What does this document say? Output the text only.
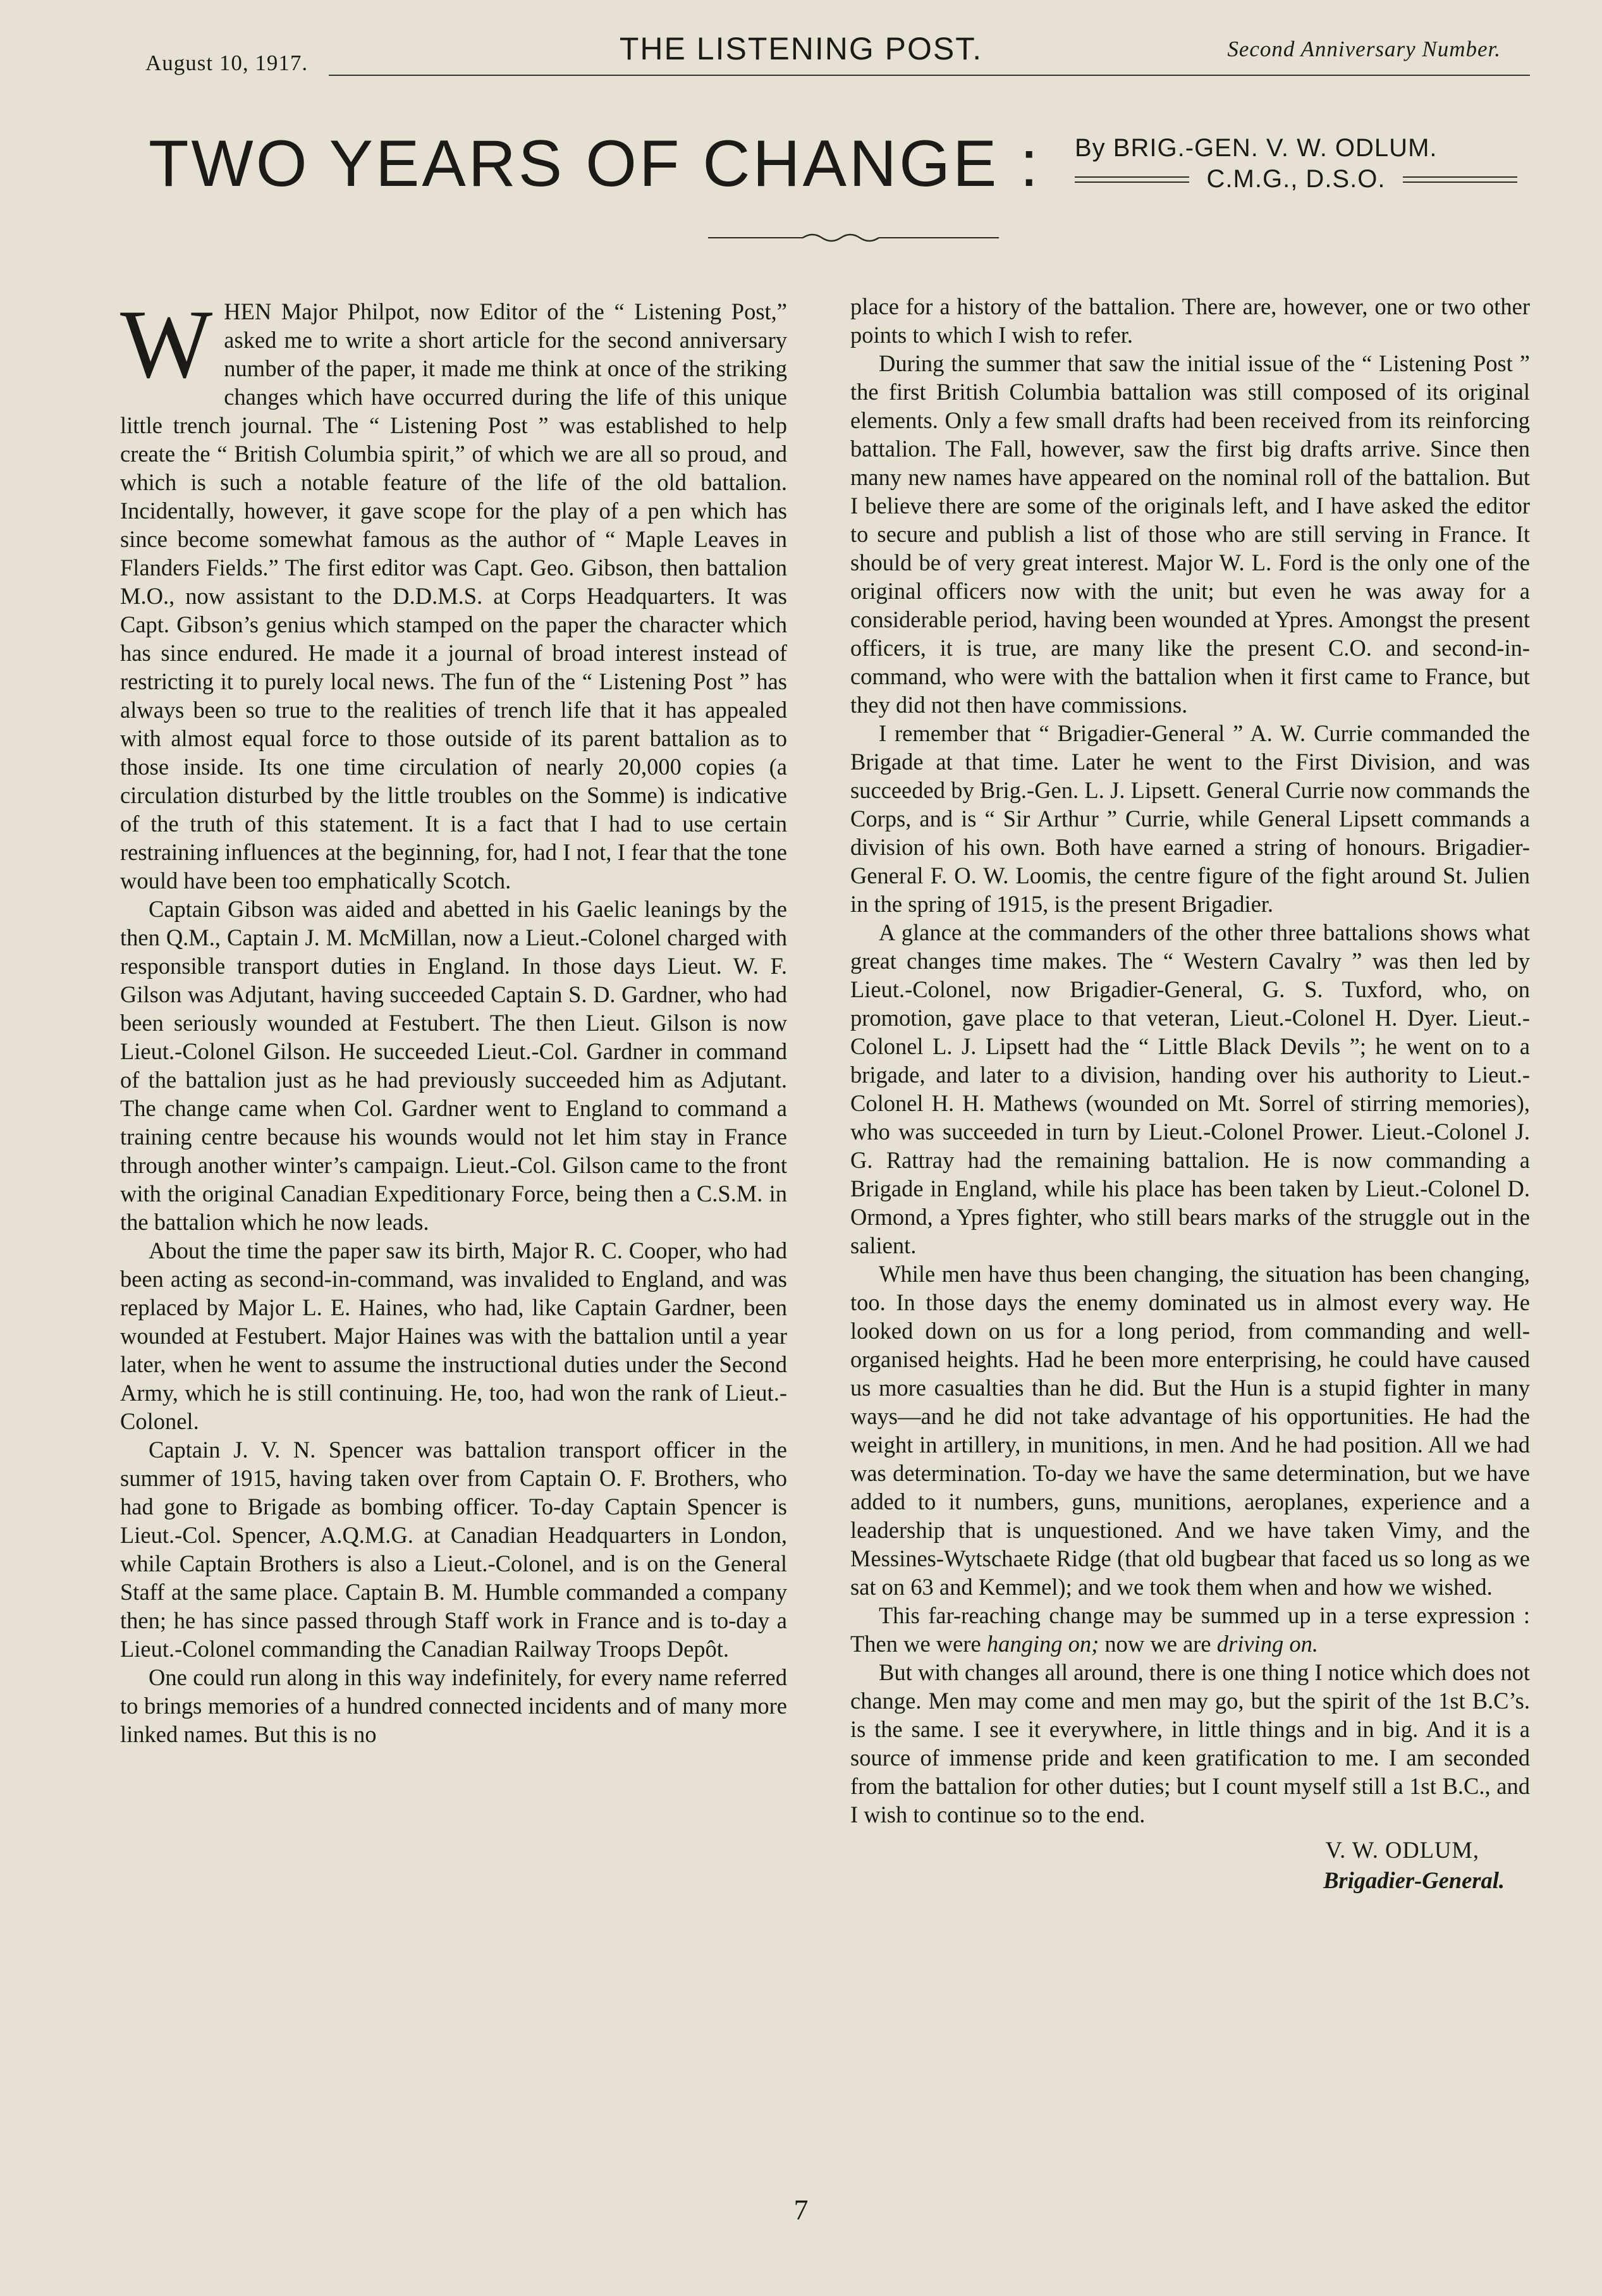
August 10, 1917.	THE LISTENING POST.	Second Anniversary Number.
TWO YEARS OF CHANGE : By BRIG.-GEN. V. W. ODLUM.
C.M.G., D.S.O.

WHEN Major Philpot, now Editor of the “ Listening Post,” asked me to write a short article for the second anniversary number of the paper, it made me think at once of the striking changes which have occurred during the life of this unique little trench journal. The “ Listening Post ” was established to help create the “ British Columbia spirit,” of which we are all so proud, and which is such a notable feature of the life of the old battalion. Incidentally, however, it gave scope for the play of a pen which has since become somewhat famous as the author of “ Maple Leaves in Flanders Fields.” The first editor was Capt. Geo. Gibson, then battalion M.O., now assistant to the D.D.M.S. at Corps Headquarters. It was Capt. Gibson’s genius which stamped on the paper the character which has since endured. He made it a journal of broad interest instead of restricting it to purely local news. The fun of the “ Listening Post ” has always been so true to the realities of trench life that it has appealed with almost equal force to those outside of its parent battalion as to those inside. Its one time circulation of nearly 20,000 copies (a circulation disturbed by the little troubles on the Somme) is indicative of the truth of this statement. It is a fact that I had to use certain restraining influences at the beginning, for, had I not, I fear that the tone would have been too emphatically Scotch.

Captain Gibson was aided and abetted in his Gaelic leanings by the then Q.M., Captain J. M. McMillan, now a Lieut.-Colonel charged with responsible transport duties in England. In those days Lieut. W. F. Gilson was Adjutant, having succeeded Captain S. D. Gardner, who had been seriously wounded at Festubert. The then Lieut. Gilson is now Lieut.-Colonel Gilson. He succeeded Lieut.-Col. Gardner in command of the battalion just as he had previously succeeded him as Adjutant. The change came when Col. Gardner went to England to command a training centre because his wounds would not let him stay in France through another winter’s campaign. Lieut.-Col. Gilson came to the front with the original Canadian Expeditionary Force, being then a C.S.M. in the battalion which he now leads.

About the time the paper saw its birth, Major R. C. Cooper, who had been acting as second-in-command, was invalided to England, and was replaced by Major L. E. Haines, who had, like Captain Gardner, been wounded at Festubert. Major Haines was with the battalion until a year later, when he went to assume the instructional duties under the Second Army, which he is still continuing. He, too, had won the rank of Lieut.-Colonel.

Captain J. V. N. Spencer was battalion transport officer in the summer of 1915, having taken over from Captain O. F. Brothers, who had gone to Brigade as bombing officer. To-day Captain Spencer is Lieut.-Col. Spencer, A.Q.M.G. at Canadian Headquarters in London, while Captain Brothers is also a Lieut.-Colonel, and is on the General Staff at the same place. Captain B. M. Humble commanded a company then; he has since passed through Staff work in France and is to-day a Lieut.-Colonel commanding the Canadian Railway Troops Depôt.

One could run along in this way indefinitely, for every name referred to brings memories of a hundred connected incidents and of many more linked names. But this is no

place for a history of the battalion. There are, however, one or two other points to which I wish to refer.

During the summer that saw the initial issue of the “ Listening Post ” the first British Columbia battalion was still composed of its original elements. Only a few small drafts had been received from its reinforcing battalion. The Fall, however, saw the first big drafts arrive. Since then many new names have appeared on the nominal roll of the battalion. But I believe there are some of the originals left, and I have asked the editor to secure and publish a list of those who are still serving in France. It should be of very great interest. Major W. L. Ford is the only one of the original officers now with the unit; but even he was away for a considerable period, having been wounded at Ypres. Amongst the present officers, it is true, are many like the present C.O. and second-in-command, who were with the battalion when it first came to France, but they did not then have commissions.

I remember that “ Brigadier-General ” A. W. Currie commanded the Brigade at that time. Later he went to the First Division, and was succeeded by Brig.-Gen. L. J. Lipsett. General Currie now commands the Corps, and is “ Sir Arthur ” Currie, while General Lipsett commands a division of his own. Both have earned a string of honours. Brigadier-General F. O. W. Loomis, the centre figure of the fight around St. Julien in the spring of 1915, is the present Brigadier.

A glance at the commanders of the other three battalions shows what great changes time makes. The “ Western Cavalry ” was then led by Lieut.-Colonel, now Brigadier-General, G. S. Tuxford, who, on promotion, gave place to that veteran, Lieut.-Colonel H. Dyer. Lieut.-Colonel L. J. Lipsett had the “ Little Black Devils ”; he went on to a brigade, and later to a division, handing over his authority to Lieut.-Colonel H. H. Mathews (wounded on Mt. Sorrel of stirring memories), who was succeeded in turn by Lieut.-Colonel Prower. Lieut.-Colonel J. G. Rattray had the remaining battalion. He is now commanding a Brigade in England, while his place has been taken by Lieut.-Colonel D. Ormond, a Ypres fighter, who still bears marks of the struggle out in the salient.

While men have thus been changing, the situation has been changing, too. In those days the enemy dominated us in almost every way. He looked down on us for a long period, from commanding and well-organised heights. Had he been more enterprising, he could have caused us more casualties than he did. But the Hun is a stupid fighter in many ways—and he did not take advantage of his opportunities. He had the weight in artillery, in munitions, in men. And he had position. All we had was determination. To-day we have the same determination, but we have added to it numbers, guns, munitions, aeroplanes, experience and a leadership that is unquestioned. And we have taken Vimy, and the Messines-Wytschaete Ridge (that old bugbear that faced us so long as we sat on 63 and Kemmel); and we took them when and how we wished.

This far-reaching change may be summed up in a terse expression : Then we were hanging on; now we are driving on.

But with changes all around, there is one thing I notice which does not change. Men may come and men may go, but the spirit of the 1st B.C’s. is the same. I see it everywhere, in little things and in big. And it is a source of immense pride and keen gratification to me. I am seconded from the battalion for other duties; but I count myself still a 1st B.C., and I wish to continue so to the end.

V. W. ODLUM,
Brigadier-General.
7
